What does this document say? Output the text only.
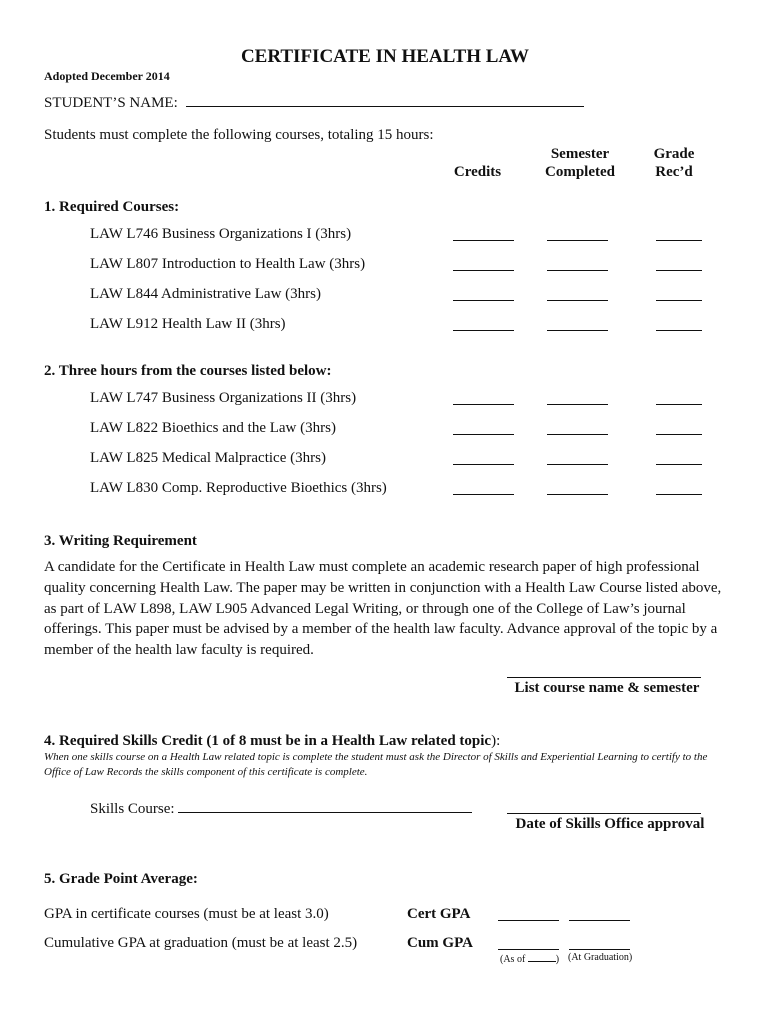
CERTIFICATE IN HEALTH LAW
Adopted December 2014
STUDENT’S NAME:
Students must complete the following courses, totaling 15 hours:
Credits
Semester
Completed
Grade
Rec’d
1. Required Courses:
LAW L746 Business Organizations I (3hrs)
LAW L807 Introduction to Health Law (3hrs)
LAW L844 Administrative Law (3hrs)
LAW L912 Health Law II (3hrs)
2. Three hours from the courses listed below:
LAW L747 Business Organizations II (3hrs)
LAW L822 Bioethics and the Law (3hrs)
LAW L825 Medical Malpractice (3hrs)
LAW L830 Comp. Reproductive Bioethics (3hrs)
3. Writing Requirement
A candidate for the Certificate in Health Law must complete an academic research paper of high professional quality concerning Health Law. The paper may be written in conjunction with a Health Law Course listed above, as part of LAW L898, LAW L905 Advanced Legal Writing, or through one of the College of Law’s journal offerings. This paper must be advised by a member of the health law faculty. Advance approval of the topic by a member of the health law faculty is required.
List course name & semester
4. Required Skills Credit (1 of 8 must be in a Health Law related topic):
When one skills course on a Health Law related topic is complete the student must ask the Director of Skills and Experiential Learning to certify to the Office of Law Records the skills component of this certificate is complete.
Skills Course:
Date of Skills Office approval
5. Grade Point Average:
GPA in certificate courses (must be at least 3.0)	Cert GPA
Cumulative GPA at graduation (must be at least 2.5)	Cum GPA
(As of	) (At Graduation)
